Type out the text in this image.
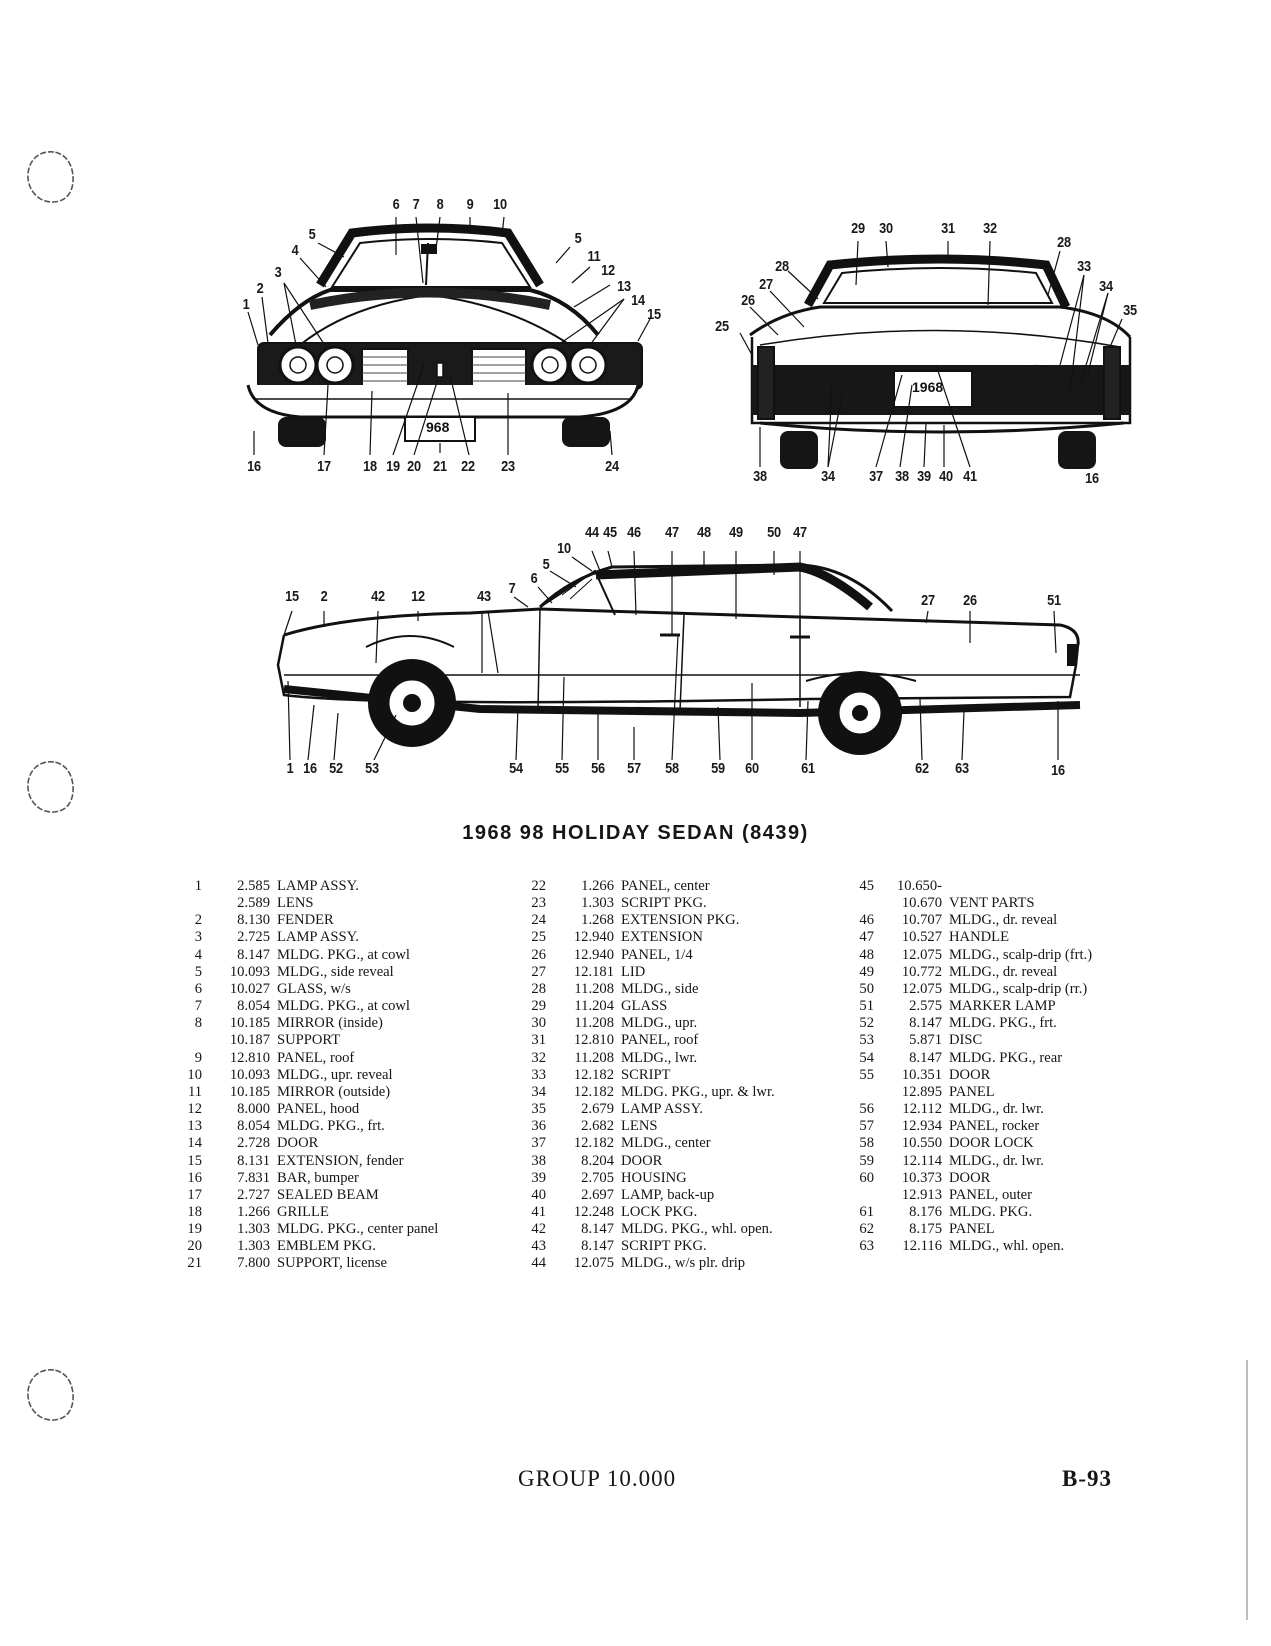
968
1968
6 7	8	9	10
5
4
5
11
12
3
13
14
2
15
1
16	17	18 19 20 21 22	23	24
29 30	31	32
28
28
33
27	34
26
35
25
38	34	37 38 39 40 41	16
44 45 46	47	48	49	50 47
10
5
6
7
15	2	42	12	43	27	26	51
1 16 52	53	54	55	56	57	58	59	60	61	62	63	16
1968 98 HOLIDAY SEDAN (8439)
1	2.585 LAMP ASSY.
2.589 LENS
2	8.130 FENDER
3	2.725 LAMP ASSY.
4	8.147 MLDG. PKG., at cowl
5	10.093 MLDG., side reveal
6	10.027 GLASS, w/s
7	8.054 MLDG. PKG., at cowl
8	10.185 MIRROR (inside)
10.187 SUPPORT
9	12.810 PANEL, roof
10	10.093 MLDG., upr. reveal
11	10.185 MIRROR (outside)
12	8.000 PANEL, hood
13	8.054 MLDG. PKG., frt.
14	2.728 DOOR
15	8.131 EXTENSION, fender
16	7.831 BAR, bumper
17	2.727 SEALED BEAM
18	1.266 GRILLE
19	1.303 MLDG. PKG., center panel
20	1.303 EMBLEM PKG.
21	7.800 SUPPORT, license
22	1.266 PANEL, center
23	1.303 SCRIPT PKG.
24	1.268 EXTENSION PKG.
25	12.940 EXTENSION
26	12.940 PANEL, 1/4
27	12.181 LID
28	11.208 MLDG., side
29	11.204 GLASS
30	11.208 MLDG., upr.
31	12.810 PANEL, roof
32	11.208 MLDG., lwr.
33	12.182 SCRIPT
34	12.182 MLDG. PKG., upr. & lwr.
35	2.679 LAMP ASSY.
36	2.682 LENS
37	12.182 MLDG., center
38	8.204 DOOR
39	2.705 HOUSING
40	2.697 LAMP, back-up
41	12.248 LOCK PKG.
42	8.147 MLDG. PKG., whl. open.
43	8.147 SCRIPT PKG.
44	12.075 MLDG., w/s plr. drip
45	10.650-
10.670 VENT PARTS
46	10.707 MLDG., dr. reveal
47	10.527 HANDLE
48	12.075 MLDG., scalp-drip (frt.)
49	10.772 MLDG., dr. reveal
50	12.075 MLDG., scalp-drip (rr.)
51	2.575 MARKER LAMP
52	8.147 MLDG. PKG., frt.
53	5.871 DISC
54	8.147 MLDG. PKG., rear
55	10.351 DOOR
12.895 PANEL
56	12.112 MLDG., dr. lwr.
57	12.934 PANEL, rocker
58	10.550 DOOR LOCK
59	12.114 MLDG., dr. lwr.
60	10.373 DOOR
12.913 PANEL, outer
61	8.176 MLDG. PKG.
62	8.175 PANEL
63	12.116 MLDG., whl. open.
GROUP 10.000	B-93
